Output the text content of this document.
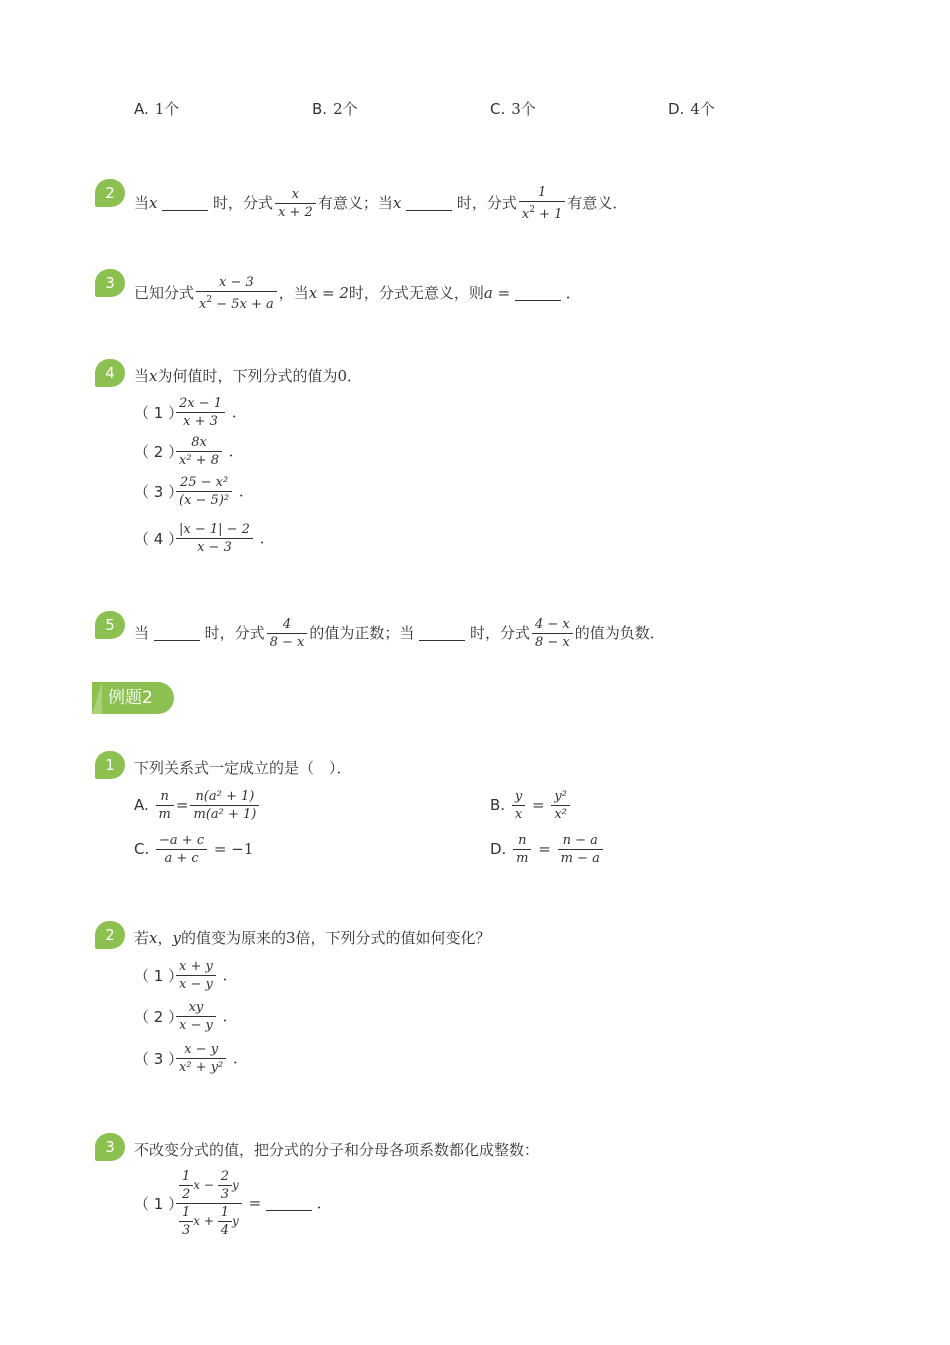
A. 1个	B. 2个	C. 3个	D. 4个
2
当x	时，分式 $\frac{x}{x + 2}$ 有意义；当x	时，分式 $\frac{1}{x^2 + 1}$ 有意义．
3
已知分式 $\frac{x - 3}{x^2 - 5x + a}$ ，当x = 2时，分式无意义，则a =	．
4	当x为何值时，下列分式的值为0．
（ 1 ）
$\frac{2x - 1}{x + 3}$ ．
（ 2 ）
$\frac{8x}{\text{x² + 8}}$ ．
（ 3 ）
$\frac{\text{25 − x²}}{\text{(x − 5)²}}$ ．
（ 4 ）
$\frac{|x - 1| - 2}{x - 3}$ ．
5	当	时，分式 $\frac{4}{8 - x}$ 的值为正数；当	时，分式 $\frac{4 - x}{8 - x}$ 的值为负数．
例题2
1	下列关系式一定成立的是（　）．
A. $\frac{n}{m} = \frac{\text{n(a² + 1)}}{\text{m(a² + 1)}}$	B. $\frac{y}{x} = \frac{\text{y²}}{\text{x²}}$
C. $\frac{-a + c}{a + c} = -1$	D. $\frac{n}{m} = \frac{n - a}{m - a}$
2	若x，y的值变为原来的3倍，下列分式的值如何变化？
（ 1 ）
$\frac{x + y}{x - y}$ ．
（ 2 ）
$\frac{xy}{x - y}$ ．
（ 3 ）
$\frac{x - y}{\text{x² + y²}}$ ．
3	不改变分式的值，把分式的分子和分母各项系数都化成整数：
（ 1 ）
$\frac{\frac{1}{2} x - \frac{2}{3} y}{\frac{1}{3} x + \frac{1}{4} y}$ =	．
